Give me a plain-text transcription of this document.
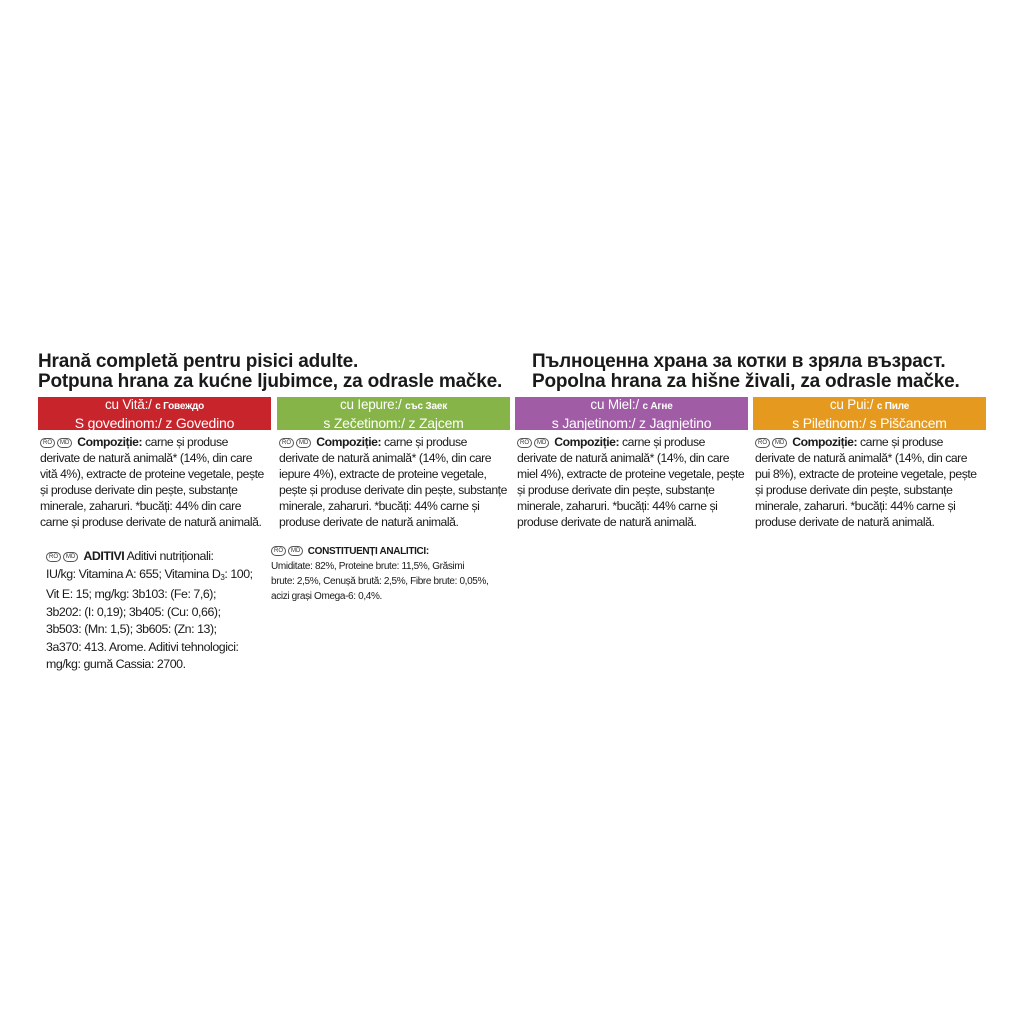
Hrană completă pentru pisici adulte.
Potpuna hrana za kućne ljubimce, za odrasle mačke.
Пълноценна храна за котки в зряла възраст.
Popolna hrana za hišne živali, za odrasle mačke.
cu Vită:/ с Говеждо
S govedinom:/ z Govedino
cu Iepure:/ със Заек
s Zečetinom:/ z Zajcem
cu Miel:/ с Агне
s Janjetinom:/ z Jagnjetino
cu Pui:/ с Пиле
s Piletinom:/ s Piščancem
RO MD Compoziție: carne și produse derivate de natură animală* (14%, din care vită 4%), extracte de proteine vegetale, pește și produse derivate din pește, substanțe minerale, zaharuri. *bucăți: 44% din care carne și produse derivate de natură animală.
RO MD Compoziție: carne și produse derivate de natură animală* (14%, din care iepure 4%), extracte de proteine vegetale, pește și produse derivate din pește, substanțe minerale, zaharuri. *bucăți: 44% carne și produse derivate de natură animală.
RO MD Compoziție: carne și produse derivate de natură animală* (14%, din care miel 4%), extracte de proteine vegetale, pește și produse derivate din pește, substanțe minerale, zaharuri. *bucăți: 44% carne și produse derivate de natură animală.
RO MD Compoziție: carne și produse derivate de natură animală* (14%, din care pui 8%), extracte de proteine vegetale, pește și produse derivate din pește, substanțe minerale, zaharuri. *bucăți: 44% carne și produse derivate de natură animală.
RO MD ADITIVI Aditivi nutriționali:
IU/kg: Vitamina A: 655; Vitamina $D_3$: 100;
Vit E: 15; mg/kg: 3b103: (Fe: 7,6);
3b202: (I: 0,19); 3b405: (Cu: 0,66);
3b503: (Mn: 1,5); 3b605: (Zn: 13);
3a370: 413. Arome. Aditivi tehnologici:
mg/kg: gumă Cassia: 2700.
RO MD CONSTITUENȚI ANALITICI:
Umiditate: 82%, Proteine brute: 11,5%, Grăsimi
brute: 2,5%, Cenușă brută: 2,5%, Fibre brute: 0,05%,
acizi grași Omega-6: 0,4%.
